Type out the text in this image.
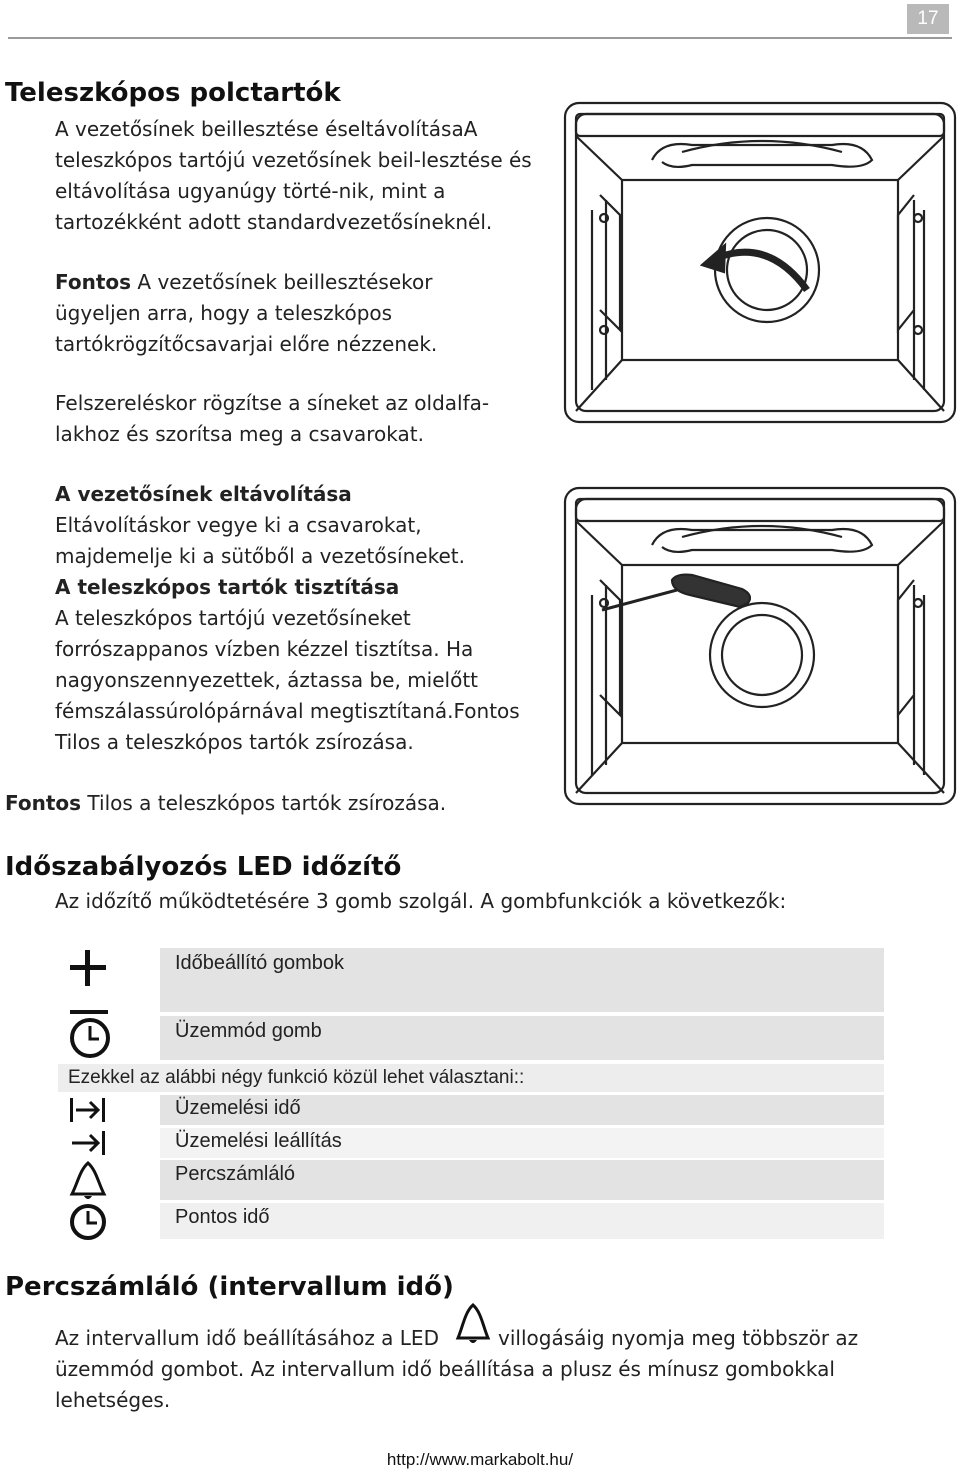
17
Teleszkópos polctartók
A vezetősínek beillesztése éseltávolításaA teleszkópos tartójú vezetősínek beil-lesztése és eltávolítása ugyanúgy törté-nik, mint a tartozékként adott standardvezetősíneknél.
Fontos A vezetősínek beillesztésekor ügyeljen arra, hogy a teleszkópos tartókrögzítőcsavarjai előre nézzenek.
Felszereléskor rögzítse a síneket az oldalfa-lakhoz és szorítsa meg a csavarokat.
A vezetősínek eltávolítása
Eltávolításkor vegye ki a csavarokat, majdemelje ki a sütőből a vezetősíneket.
A teleszkópos tartók tisztítása
A teleszkópos tartójú vezetősíneket forrószappanos vízben kézzel tisztítsa. Ha nagyonszennyezettek, áztassa be, mielőtt fémszálassúrolópárnával megtisztítaná.Fontos Tilos a teleszkópos tartók zsírozása.
Fontos Tilos a teleszkópos tartók zsírozása.
Időszabályozós LED időzítő
Az időzítő működtetésére 3 gomb szolgál. A gombfunkciók a következők:
Időbeállító gombok
Üzemmód gomb
Ezekkel az alábbi négy funkció közül lehet választani::
Üzemelési idő
Üzemelési leállítás
Percszámláló
Pontos idő
Percszámláló (intervallum idő)
Az intervallum idő beállításához a LED	villogásáig nyomja meg többször az
üzemmód gombot. Az intervallum idő beállítása a plusz és mínusz gombokkal lehetséges.
http://www.markabolt.hu/
